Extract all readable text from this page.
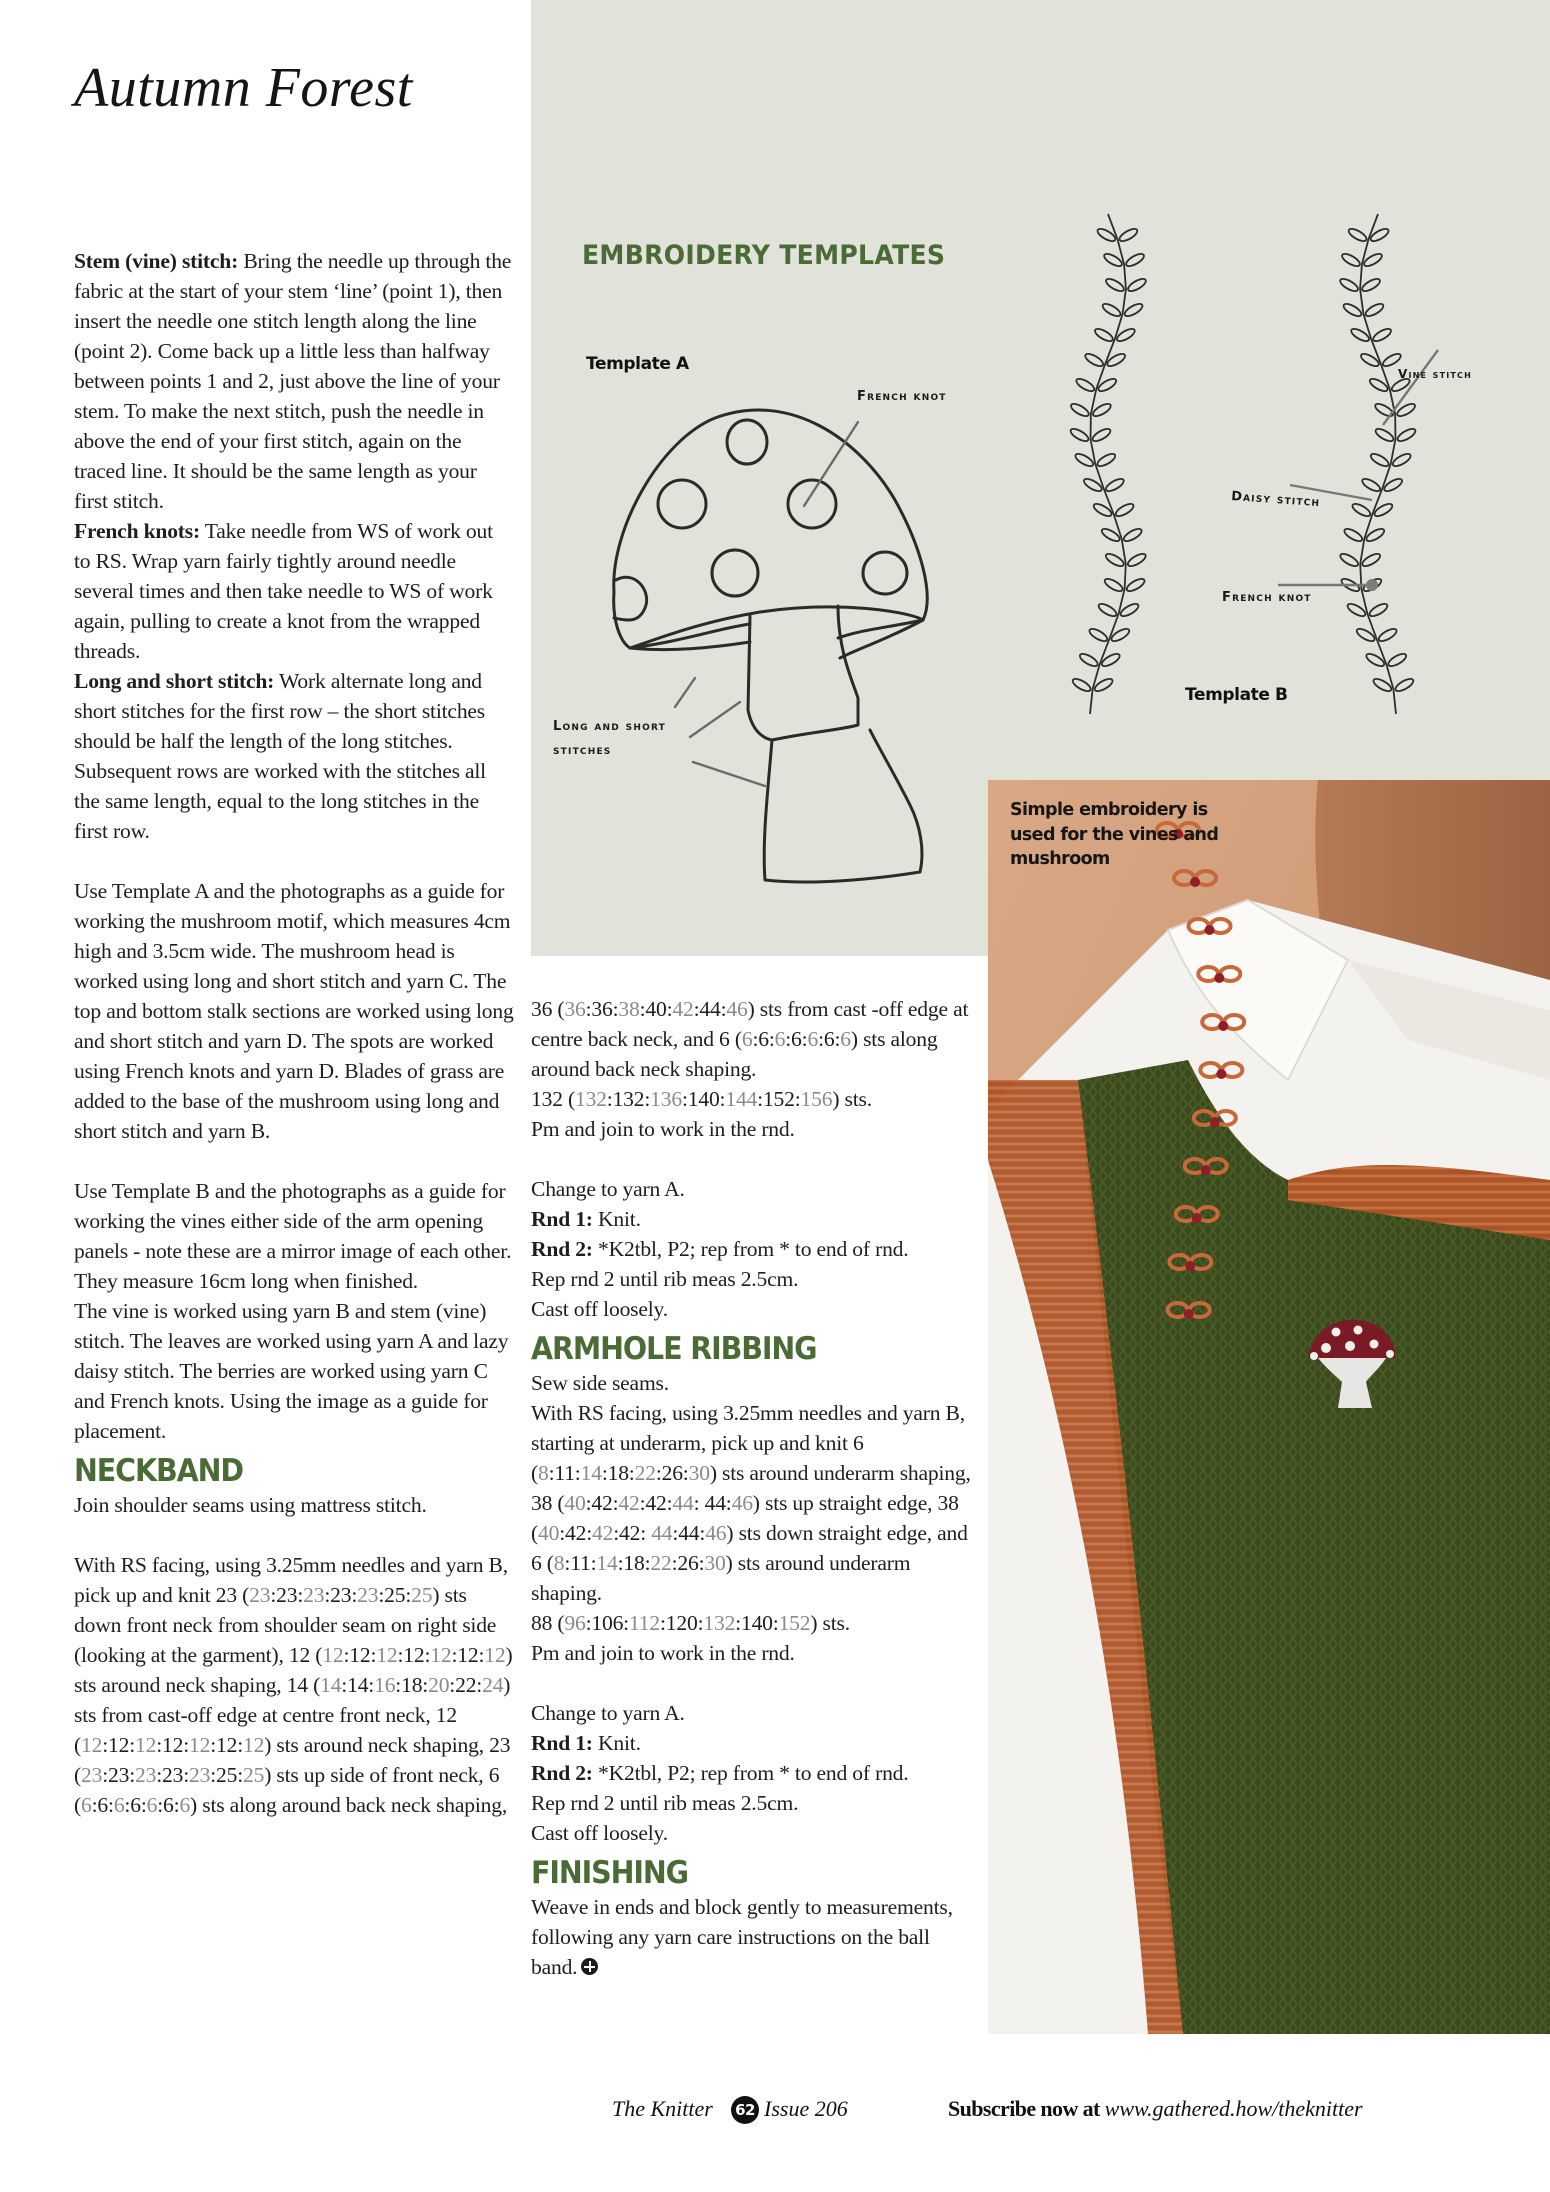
Autumn Forest
EMBROIDERY TEMPLATES
Template A
Template B
French knot
Long and short
stitches
Vine stitch
Daisy stitch
French knot
Simple embroidery is used for the vines and mushroom

Stem (vine) stitch: Bring the needle up through the fabric at the start of your stem ‘line’ (point 1), then insert the needle one stitch length along the line (point 2). Come back up a little less than halfway between points 1 and 2, just above the line of your stem. To make the next stitch, push the needle in above the end of your first stitch, again on the traced line. It should be the same length as your first stitch.

French knots: Take needle from WS of work out to RS. Wrap yarn fairly tightly around needle several times and then take needle to WS of work again, pulling to create a knot from the wrapped threads.

Long and short stitch: Work alternate long and short stitches for the first row – the short stitches should be half the length of the long stitches. Subsequent rows are worked with the stitches all the same length, equal to the long stitches in the first row.

Use Template A and the photographs as a guide for working the mushroom motif, which measures 4cm high and 3.5cm wide. The mushroom head is worked using long and short stitch and yarn C. The top and bottom stalk sections are worked using long and short stitch and yarn D. The spots are worked using French knots and yarn D. Blades of grass are added to the base of the mushroom using long and short stitch and yarn B.

Use Template B and the photographs as a guide for working the vines either side of the arm opening panels - note these are a mirror image of each other. They measure 16cm long when finished.

The vine is worked using yarn B and stem (vine) stitch. The leaves are worked using yarn A and lazy daisy stitch. The berries are worked using yarn C and French knots. Using the image as a guide for placement.

NECKBAND

Join shoulder seams using mattress stitch.

With RS facing, using 3.25mm needles and yarn B, pick up and knit 23 (23:23:23:23:23:25:25) sts down front neck from shoulder seam on right side (looking at the garment), 12 (12:12:12:12:12:12:12) sts around neck shaping, 14 (14:14:16:18:20:22:24) sts from cast-off edge at centre front neck, 12 (12:12:12:12:12:12:12) sts around neck shaping, 23 (23:23:23:23:23:25:25) sts up side of front neck, 6 (6:6:6:6:6:6:6) sts along around back neck shaping,

36 (36:36:38:40:42:44:46) sts from cast -off edge at centre back neck, and 6 (6:6:6:6:6:6:6) sts along around back neck shaping.

132 (132:132:136:140:144:152:156) sts.

Pm and join to work in the rnd.

Change to yarn A.

Rnd 1: Knit.

Rnd 2: *K2tbl, P2; rep from * to end of rnd.

Rep rnd 2 until rib meas 2.5cm.

Cast off loosely.

ARMHOLE RIBBING

Sew side seams.

With RS facing, using 3.25mm needles and yarn B, starting at underarm, pick up and knit 6 (8:11:14:18:22:26:30) sts around underarm shaping, 38 (40:42:42:42:44: 44:46) sts up straight edge, 38 (40:42:42:42: 44:44:46) sts down straight edge, and 6 (8:11:14:18:22:26:30) sts around underarm shaping.

88 (96:106:112:120:132:140:152) sts.

Pm and join to work in the rnd.

Change to yarn A.

Rnd 1: Knit.

Rnd 2: *K2tbl, P2; rep from * to end of rnd.

Rep rnd 2 until rib meas 2.5cm.

Cast off loosely.

FINISHING

Weave in ends and block gently to measurements, following any yarn care instructions on the ball band.

The Knitter 62 Issue 206	Subscribe now at www.gathered.how/theknitter
